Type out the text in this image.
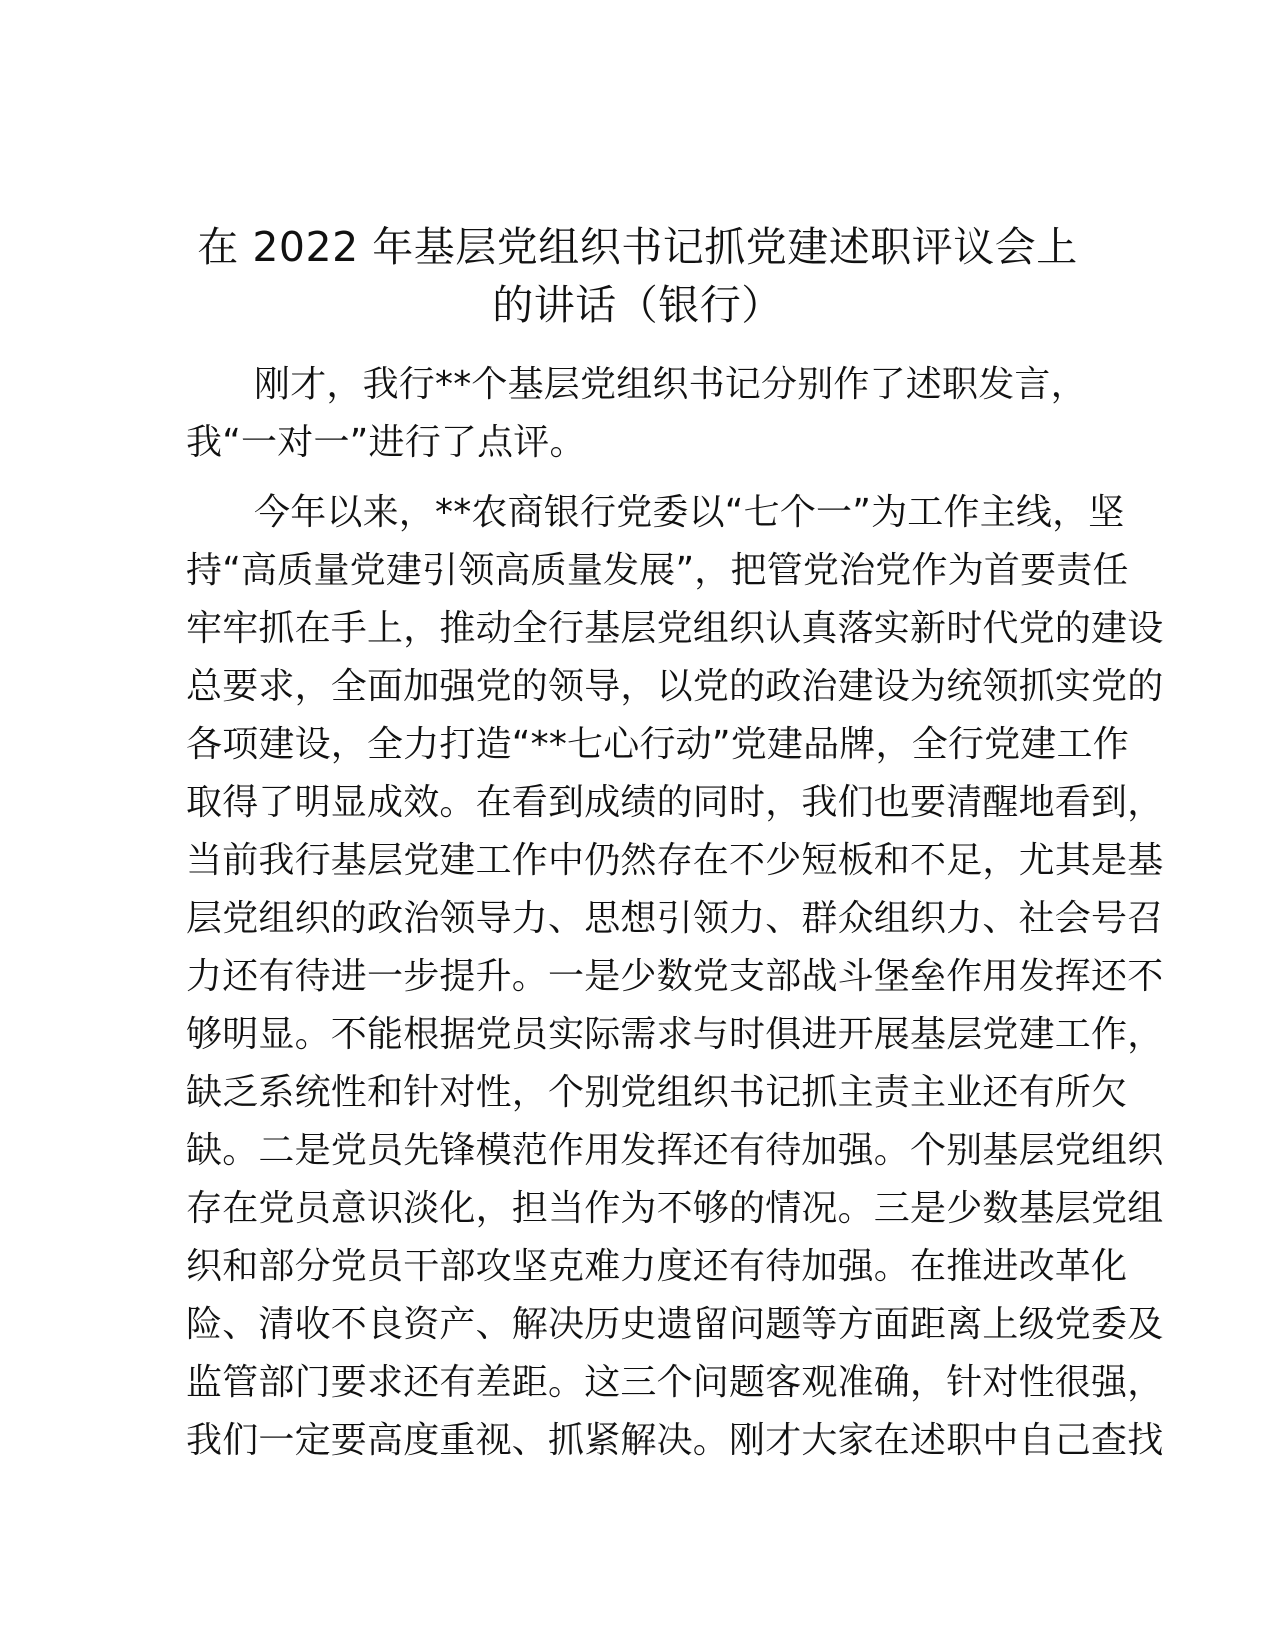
在 2022 年基层党组织书记抓党建述职评议会上
的讲话（银行）

刚才，我行**个基层党组织书记分别作了述职发言，
我“一对一”进行了点评。

今年以来，**农商银行党委以“七个一”为工作主线，坚
持“高质量党建引领高质量发展”，把管党治党作为首要责任
牢牢抓在手上，推动全行基层党组织认真落实新时代党的建设
总要求，全面加强党的领导，以党的政治建设为统领抓实党的
各项建设，全力打造“**七心行动”党建品牌，全行党建工作
取得了明显成效。在看到成绩的同时，我们也要清醒地看到，
当前我行基层党建工作中仍然存在不少短板和不足，尤其是基
层党组织的政治领导力、思想引领力、群众组织力、社会号召
力还有待进一步提升。一是少数党支部战斗堡垒作用发挥还不
够明显。不能根据党员实际需求与时俱进开展基层党建工作，
缺乏系统性和针对性，个别党组织书记抓主责主业还有所欠
缺。二是党员先锋模范作用发挥还有待加强。个别基层党组织
存在党员意识淡化，担当作为不够的情况。三是少数基层党组
织和部分党员干部攻坚克难力度还有待加强。在推进改革化
险、清收不良资产、解决历史遗留问题等方面距离上级党委及
监管部门要求还有差距。这三个问题客观准确，针对性很强，
我们一定要高度重视、抓紧解决。刚才大家在述职中自己查找
